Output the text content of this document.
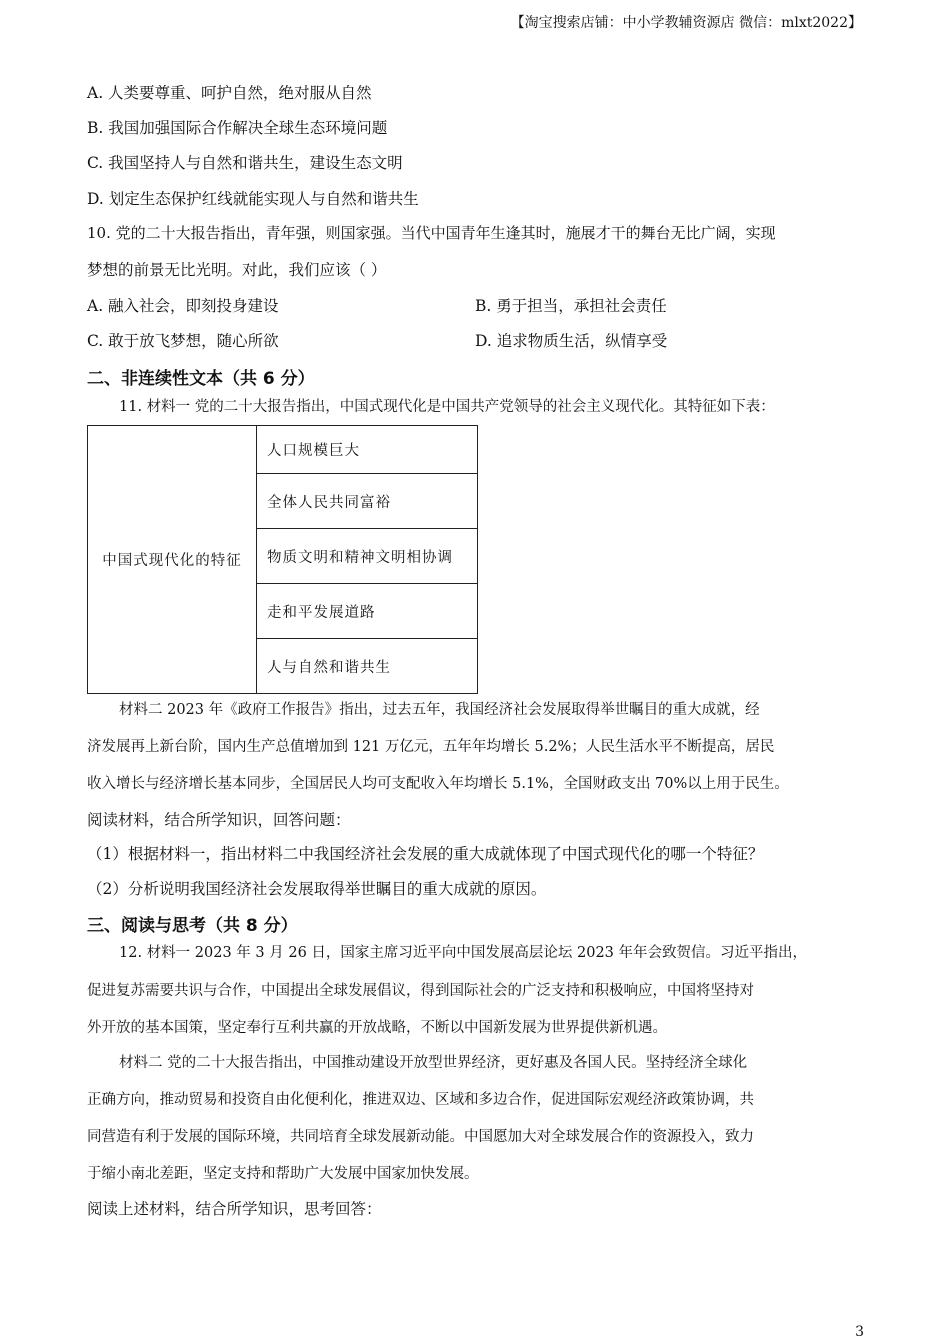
【淘宝搜索店铺：中小学教辅资源店 微信：mlxt2022】
A. 人类要尊重、呵护自然，绝对服从自然
B. 我国加强国际合作解决全球生态环境问题
C. 我国坚持人与自然和谐共生，建设生态文明
D. 划定生态保护红线就能实现人与自然和谐共生
10. 党的二十大报告指出，青年强，则国家强。当代中国青年生逢其时，施展才干的舞台无比广阔，实现
梦想的前景无比光明。对此，我们应该（ ）
A. 融入社会，即刻投身建设	B. 勇于担当，承担社会责任
C. 敢于放飞梦想，随心所欲	D. 追求物质生活，纵情享受
二、非连续性文本（共 6 分）
11. 材料一 党的二十大报告指出，中国式现代化是中国共产党领导的社会主义现代化。其特征如下表：
中国式现代化的特征	人口规模巨大
全体人民共同富裕
物质文明和精神文明相协调
走和平发展道路
人与自然和谐共生
材料二 2023 年《政府工作报告》指出，过去五年，我国经济社会发展取得举世瞩目的重大成就，经
济发展再上新台阶，国内生产总值增加到 121 万亿元，五年年均增长 5.2%；人民生活水平不断提高，居民
收入增长与经济增长基本同步，全国居民人均可支配收入年均增长 5.1%，全国财政支出 70%以上用于民生。
阅读材料，结合所学知识，回答问题：
（1）根据材料一，指出材料二中我国经济社会发展的重大成就体现了中国式现代化的哪一个特征？
（2）分析说明我国经济社会发展取得举世瞩目的重大成就的原因。
三、阅读与思考（共 8 分）
12. 材料一 2023 年 3 月 26 日，国家主席习近平向中国发展高层论坛 2023 年年会致贺信。习近平指出，
促进复苏需要共识与合作，中国提出全球发展倡议，得到国际社会的广泛支持和积极响应，中国将坚持对
外开放的基本国策，坚定奉行互利共赢的开放战略，不断以中国新发展为世界提供新机遇。
材料二 党的二十大报告指出，中国推动建设开放型世界经济，更好惠及各国人民。坚持经济全球化
正确方向，推动贸易和投资自由化便利化，推进双边、区域和多边合作，促进国际宏观经济政策协调，共
同营造有利于发展的国际环境，共同培育全球发展新动能。中国愿加大对全球发展合作的资源投入，致力
于缩小南北差距，坚定支持和帮助广大发展中国家加快发展。
阅读上述材料，结合所学知识，思考回答：
3
